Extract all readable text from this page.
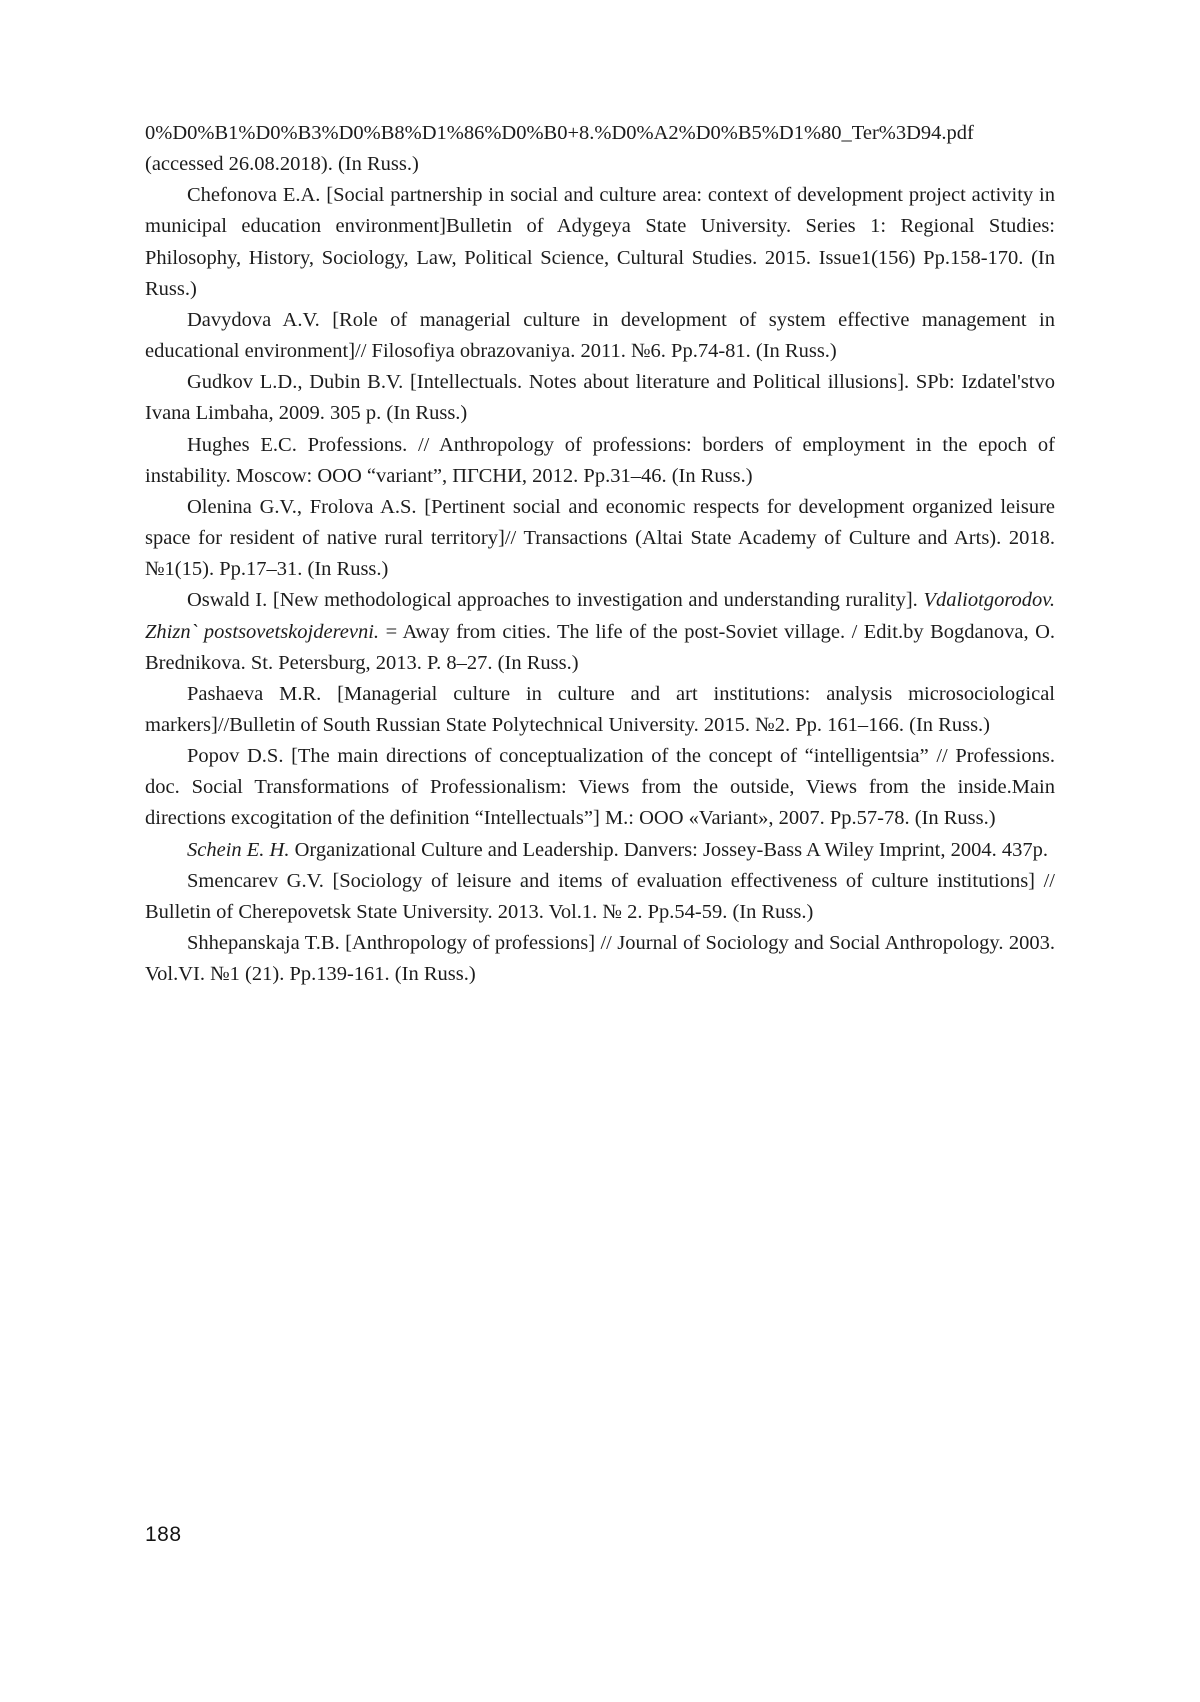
0%D0%B1%D0%B3%D0%B8%D1%86%D0%B0+8.%D0%A2%D0%B5%D1%80_Ter%3D94.pdf (accessed 26.08.2018). (In Russ.)

Chefonova E.A. [Social partnership in social and culture area: context of development project activity in municipal education environment]Bulletin of Adygeya State University. Series 1: Regional Studies: Philosophy, History, Sociology, Law, Political Science, Cultural Studies. 2015. Issue1(156) Pp.158-170. (In Russ.)

Davydova A.V. [Role of managerial culture in development of system effective management in educational environment]// Filosofiya obrazovaniya. 2011. №6. Pp.74-81. (In Russ.)

Gudkov L.D., Dubin B.V. [Intellectuals. Notes about literature and Political illusions]. SPb: Izdatel'stvo Ivana Limbaha, 2009. 305 p. (In Russ.)

Hughes E.C. Professions. // Anthropology of professions: borders of employment in the epoch of instability. Moscow: OOO “variant”, ПГСНИ, 2012. Pp.31–46. (In Russ.)

Olenina G.V., Frolova A.S. [Pertinent social and economic respects for development organized leisure space for resident of native rural territory]// Transactions (Altai State Academy of Culture and Arts). 2018. №1(15). Pp.17–31. (In Russ.)

Oswald I. [New methodological approaches to investigation and understanding rurality]. Vdaliotgorodov. Zhizn` postsovetskojderevni. = Away from cities. The life of the post-Soviet village. / Edit.by Bogdanova, O. Brednikova. St. Petersburg, 2013. P. 8–27. (In Russ.)

Pashaeva M.R. [Managerial culture in culture and art institutions: analysis microsociological markers]//Bulletin of South Russian State Polytechnical University. 2015. №2. Pp. 161–166. (In Russ.)

Popov D.S. [The main directions of conceptualization of the concept of “intelligentsia” // Professions. doc. Social Transformations of Professionalism: Views from the outside, Views from the inside.Main directions excogitation of the definition “Intellectuals”] M.: OOO «Variant», 2007. Pp.57-78. (In Russ.)

Schein E. H. Organizational Culture and Leadership. Danvers: Jossey-Bass A Wiley Imprint, 2004. 437p.

Smencarev G.V. [Sociology of leisure and items of evaluation effectiveness of culture institutions] // Bulletin of Cherepovetsk State University. 2013. Vol.1. № 2. Pp.54-59. (In Russ.)

Shhepanskaja T.B. [Anthropology of professions] // Journal of Sociology and Social Anthropology. 2003. Vol.VI. №1 (21). Pp.139-161. (In Russ.)

188
